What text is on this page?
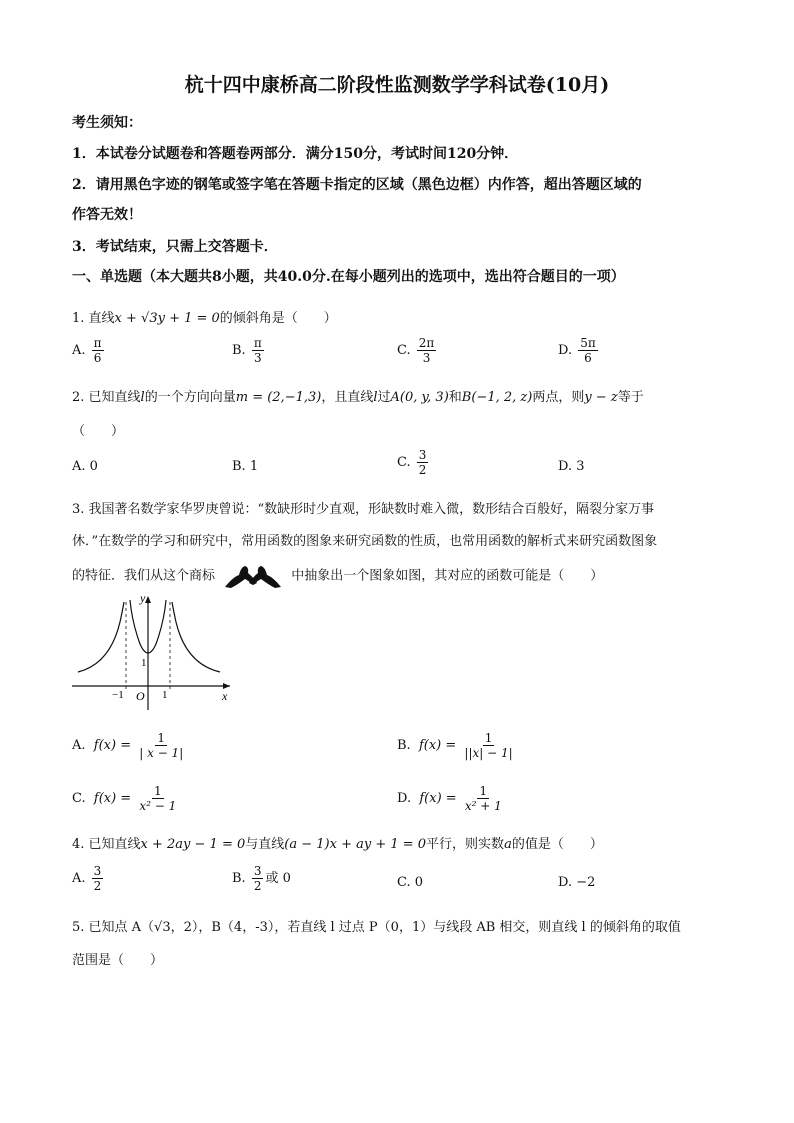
杭十四中康桥高二阶段性监测数学学科试卷(10月)
考生须知：
1．本试卷分试题卷和答题卷两部分．满分150分，考试时间120分钟．
2．请用黑色字迹的钢笔或签字笔在答题卡指定的区域（黑色边框）内作答，超出答题区域的
作答无效！
3．考试结束，只需上交答题卡．
一、单选题（本大题共8小题，共40.0分.在每小题列出的选项中，选出符合题目的一项）
1. 直线x + √3y + 1 = 0的倾斜角是（　　）
A. $\frac{\pi}{6}$	B. $\frac{\pi}{3}$	C. $\frac{2\pi}{3}$	D. $\frac{5\pi}{6}$
2. 已知直线l的一个方向向量m = (2,−1,3)，且直线l过A(0, y, 3)和B(−1, 2, z)两点，则y − z等于
（　　）
A. 0	B. 1	C. $\frac{3}{2}$	D. 3
3. 我国著名数学家华罗庚曾说：“数缺形时少直观，形缺数时难入微，数形结合百般好，隔裂分家万事
休．”在数学的学习和研究中，常用函数的图象来研究函数的性质，也常用函数的解析式来研究函数图象
的特征．我们从这个商标	中抽象出一个图象如图，其对应的函数可能是（　　）
y
x
O
−1	1
1
A. $f(x) = \frac{1}{| x - 1|}$	B. $f(x) = \frac{1}{||x| - 1|}$
C. $f(x) = \frac{1}{\text{x² − 1}}$	D. $f(x) = \frac{1}{\text{x² + 1}}$
4. 已知直线x + 2ay − 1 = 0与直线(a − 1)x + ay + 1 = 0平行，则实数a的值是（　　）
A. $\frac{3}{2}$	B. $\frac{3}{2}$ 或 0	C. 0	D. −2
5. 已知点 A（√3，2），B（4，-3），若直线 l 过点 P（0，1）与线段 AB 相交，则直线 l 的倾斜角的取值
范围是（　　）
